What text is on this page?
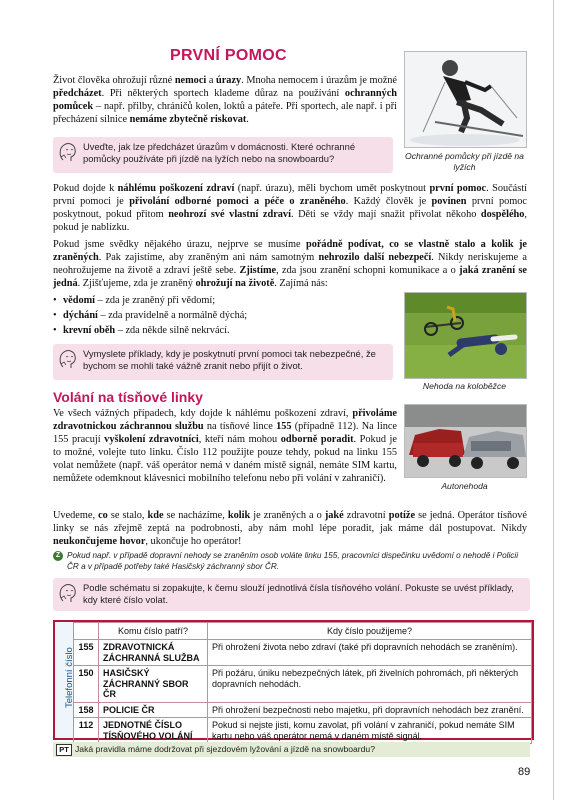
PRVNÍ POMOC

Život člověka ohrožují různé nemoci a úrazy. Mnoha nemocem i úrazům je možné předcházet. Při některých sportech klademe důraz na používání ochranných pomůcek – např. přilby, chráničů kolen, loktů a páteře. Při sportech, ale např. i při přecházení silnice nemáme zbytečně riskovat.

Uveďte, jak lze předcházet úrazům v domácnosti. Které ochranné pomůcky používáte při jízdě na lyžích nebo na snowboardu?	Ochranné pomůcky při jízdě na lyžích

Pokud dojde k náhlému poškození zdraví (např. úrazu), měli bychom umět poskytnout první pomoc. Součástí první pomoci je přivolání odborné pomoci a péče o zraněného. Každý člověk je povinen první pomoc poskytnout, pokud přitom neohrozí své vlastní zdraví. Děti se vždy mají snažit přivolat někoho dospělého, pokud je nablízku.

Pokud jsme svědky nějakého úrazu, nejprve se musíme pořádně podívat, co se vlastně stalo a kolik je zraněných. Pak zajistíme, aby zraněným ani nám samotným nehrozilo další nebezpečí. Nikdy neriskujeme a neohrožujeme na životě a zdraví ještě sebe. Zjistíme, zda jsou zranění schopni komunikace a o jaká zranění se jedná. Zjišťujeme, zda je zraněný ohrožují na životě. Zajímá nás:

• vědomí – zda je zraněný při vědomí;
• dýchání – zda pravidelně a normálně dýchá;
• krevní oběh – zda někde silně nekrvácí.
Vymyslete příklady, kdy je poskytnutí první pomoci tak nebezpečné, že bychom se mohli také vážně zranit nebo přijít o život.
Nehoda na koloběžce
Volání na tísňové linky

Ve všech vážných případech, kdy dojde k náhlému poškození zdraví, přivoláme zdravotnickou záchrannou službu na tísňové lince 155 (případně 112). Na lince 155 pracují vyškolení zdravotníci, kteří nám mohou odborně poradit. Pokud je to možné, volejte tuto linku. Číslo 112 použijte pouze tehdy, pokud na linku 155 volat nemůžete (např. váš operátor nemá v daném místě signál, nemáte SIM kartu, nemůžete odemknout klávesnici mobilního telefonu nebo při volání v zahraničí).

Autonehoda

Uvedeme, co se stalo, kde se nacházíme, kolik je zraněných a o jaké zdravotní potíže se jedná. Operátor tísňové linky se nás zřejmě zeptá na podrobnosti, aby nám mohl lépe poradit, jak máme dál postupovat. Nikdy neukončujeme hovor, ukončuje ho operátor!

Z Pokud např. v případě dopravní nehody se zraněním osob voláte linku 155, pracovníci dispečinku uvědomí o nehodě i Policii ČR a v případě potřeby také Hasičský záchranný sbor ČR.
Podle schématu si zopakujte, k čemu slouží jednotlivá čísla tísňového volání. Pokuste se uvést příklady, kdy které číslo volat.
Telefonní číslo
	Komu číslo patří?	Kdy číslo použijeme?
155	ZDRAVOTNICKÁ ZÁCHRANNÁ SLUŽBA	Při ohrožení života nebo zdraví (také při dopravních nehodách se zraněním).
150	HASIČSKÝ ZÁCHRANNÝ SBOR ČR	Při požáru, úniku nebezpečných látek, při živelních pohromách, při některých dopravních nehodách.
158	POLICIE ČR	Při ohrožení bezpečnosti nebo majetku, při dopravních nehodách bez zranění.
112	JEDNOTNÉ ČÍSLO TÍSŇOVÉHO VOLÁNÍ	Pokud si nejste jisti, komu zavolat, při volání v zahraničí, pokud nemáte SIM kartu nebo váš operátor nemá v daném místě signál.
PT Jaká pravidla máme dodržovat při sjezdovém lyžování a jízdě na snowboardu?
89
